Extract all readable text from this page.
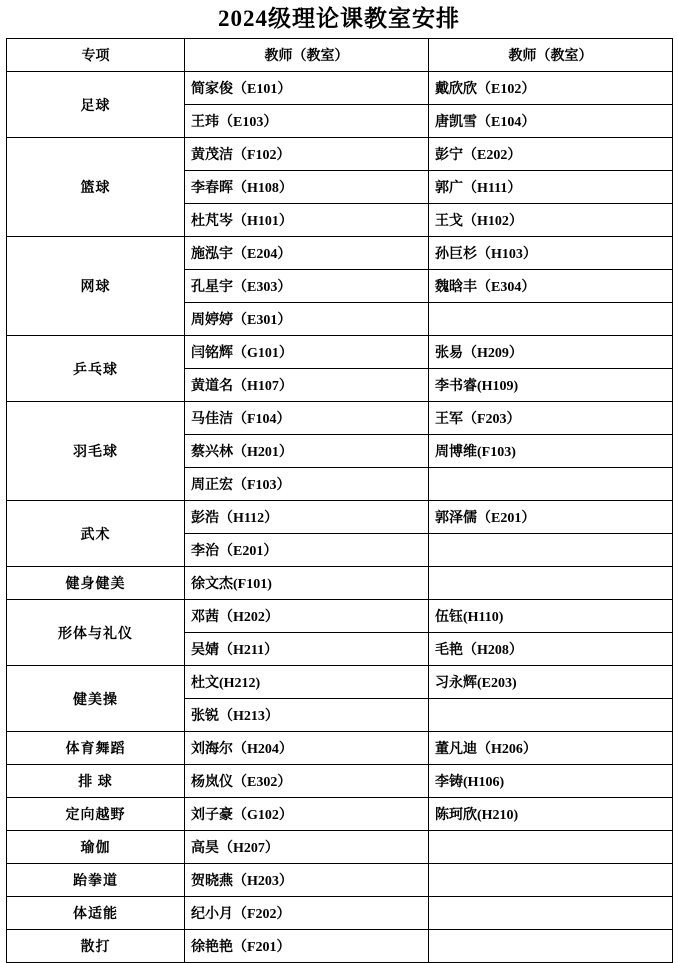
2024级理论课教室安排
专项	教师（教室）	教师（教室）
足球	简家俊（E101）	戴欣欣（E102）
	王玮（E103）	唐凯雪（E104）
篮球	黄茂洁（F102）	彭宁（E202）
	李春晖（H108）	郭广（H111）
	杜芃岑（H101）	王戈（H102）
网球	施泓宇（E204）	孙巨杉（H103）
	孔星宇（E303）	魏晗丰（E304）
	周婷婷（E301）	
乒乓球	闫铭辉（G101）	张易（H209）
	黄道名（H107）	李书睿(H109)
羽毛球	马佳洁（F104）	王军（F203）
	蔡兴林（H201）	周博维(F103)
	周正宏（F103）	
武术	彭浩（H112）	郭泽儒（E201）
	李治（E201）	
健身健美	徐文杰(F101)	
形体与礼仪	邓茜（H202）	伍钰(H110)
	吴婧（H211）	毛艳（H208）
健美操	杜文(H212)	习永辉(E203)
	张锐（H213）	
体育舞蹈	刘海尔（H204）	董凡迪（H206）
排 球	杨岚仪（E302）	李铸(H106)
定向越野	刘子豪（G102）	陈珂欣(H210)
瑜伽	高昊（H207）	
跆拳道	贺晓燕（H203）	
体适能	纪小月（F202）	
散打	徐艳艳（F201）	
